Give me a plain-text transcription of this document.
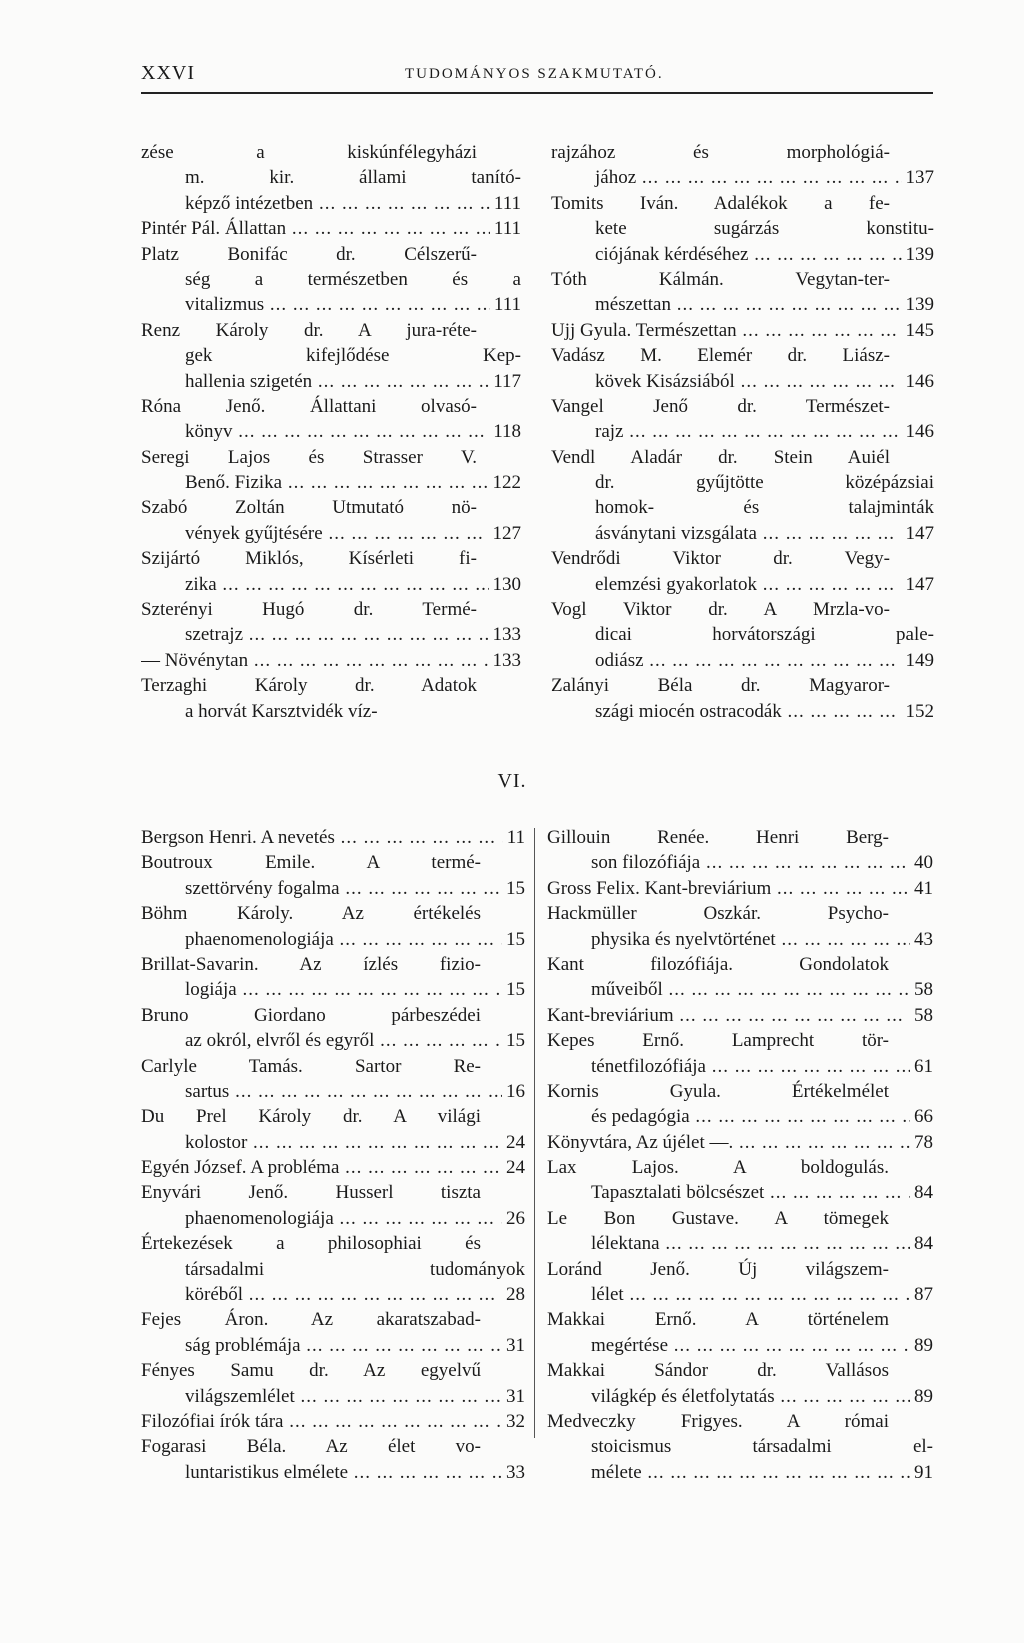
XXVI	TUDOMÁNYOS SZAKMUTATÓ.
zése a kiskúnfélegyházi
m. kir. állami tanító-
képző intézetben ... .	111
Pintér Pál. Állattan ... .	111
Platz Bonifác dr. Célszerű-
ség a természetben és a
vitalizmus ... .	111
Renz Károly dr. A jura-réte-
gek kifejlődése Kep-
hallenia szigetén ... .	117
Róna Jenő. Állattani olvasó-
könyv ... .	118
Seregi Lajos és Strasser V.
Benő. Fizika ... .	122
Szabó Zoltán Utmutató nö-
vények gyűjtésére ... .	127
Szijártó Miklós, Kísérleti fi-
zika ... .	130
Szterényi Hugó dr. Termé-
szetrajz ... .	133
— Növénytan ... .	133
Terzaghi Károly dr. Adatok
a horvát Karsztvidék víz-
rajzához és morphológiá-
jához ... .	137
Tomits Iván. Adalékok a fe-
kete sugárzás konstitu-
ciójának kérdéséhez ... .	139
Tóth Kálmán. Vegytan-ter-
mészettan ... .	139
Ujj Gyula. Természettan ... .	145
Vadász M. Elemér dr. Liász-
kövek Kisázsiából ... .	146
Vangel Jenő dr. Természet-
rajz ... .	146
Vendl Aladár dr. Stein Auiél
dr. gyűjtötte középázsiai
homok- és talajminták
ásványtani vizsgálata ... .	147
Vendrődi Viktor dr. Vegy-
elemzési gyakorlatok ... .	147
Vogl Viktor dr. A Mrzla-vo-
dicai horvátországi pale-
odiász ... .	149
Zalányi Béla dr. Magyaror-
szági miocén ostracodák ... .	152
VI.
Bergson Henri. A nevetés ... .	11
Boutroux Emile. A termé-
szettörvény fogalma ... .	15
Böhm Károly. Az értékelés
phaenomenologiája ... .	15
Brillat-Savarin. Az ízlés fizio-
logiája ... .	15
Bruno Giordano párbeszédei
az okról, elvről és egyről ... .	15
Carlyle Tamás. Sartor Re-
sartus ... .	16
Du Prel Károly dr. A világi
kolostor ... .	24
Egyén József. A probléma ... .	24
Enyvári Jenő. Husserl tiszta
phaenomenologiája ... .	26
Értekezések a philosophiai és
társadalmi tudományok
köréből ... .	28
Fejes Áron. Az akaratszabad-
ság problémája ... .	31
Fényes Samu dr. Az egyelvű
világszemlélet ... .	31
Filozófiai írók tára ... .	32
Fogarasi Béla. Az élet vo-
luntaristikus elmélete ... .	33
Gillouin Renée. Henri Berg-
son filozófiája ... .	40
Gross Felix. Kant-breviárium ... .	41
Hackmüller Oszkár. Psycho-
physika és nyelvtörténet ... .	43
Kant filozófiája. Gondolatok
műveiből ... .	58
Kant-breviárium ... .	58
Kepes Ernő. Lamprecht tör-
ténetfilozófiája ... .	61
Kornis Gyula. Értékelmélet
és pedagógia ... .	66
Könyvtára, Az újélet —. ... .	78
Lax Lajos. A boldogulás.
Tapasztalati bölcsészet ... .	84
Le Bon Gustave. A tömegek
lélektana ... .	84
Loránd Jenő. Új világszem-
lélet ... .	87
Makkai Ernő. A történelem
megértése ... .	89
Makkai Sándor dr. Vallásos
világkép és életfolytatás ... .	89
Medveczky Frigyes. A római
stoicismus társadalmi el-
mélete ... .	91
